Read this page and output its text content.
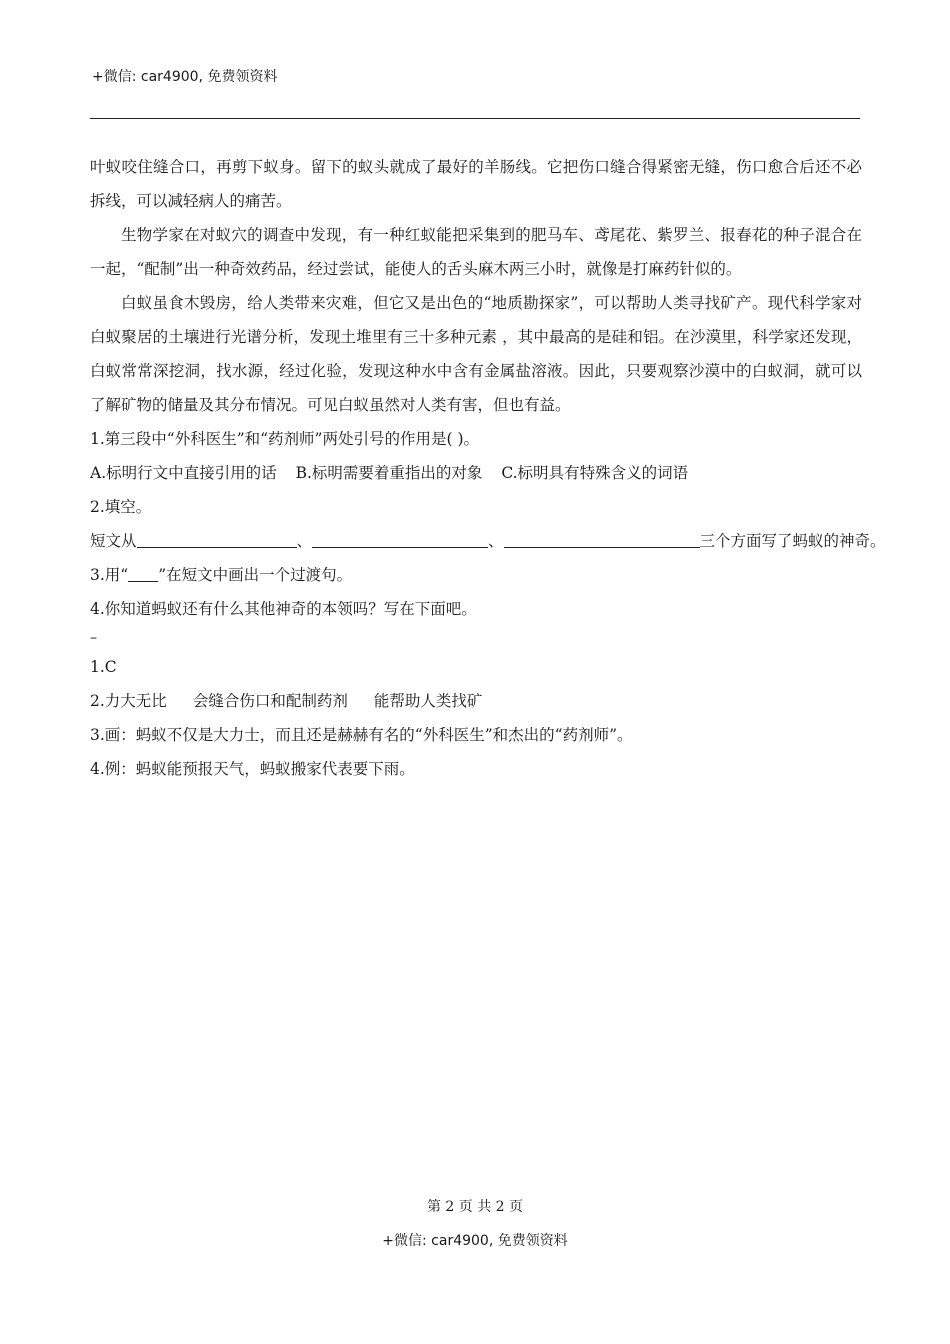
+微信: car4900, 免费领资料

叶蚁咬住缝合口，再剪下蚁身。留下的蚁头就成了最好的羊肠线。它把伤口缝合得紧密无缝，伤口愈合后还不必拆线，可以减轻病人的痛苦。

生物学家在对蚁穴的调查中发现，有一种红蚁能把采集到的肥马车、鸢尾花、紫罗兰、报春花的种子混合在一起，“配制”出一种奇效药品，经过尝试，能使人的舌头麻木两三小时，就像是打麻药针似的。

白蚁虽食木毁房，给人类带来灾难，但它又是出色的“地质勘探家”，可以帮助人类寻找矿产。现代科学家对白蚁聚居的土壤进行光谱分析，发现土堆里有三十多种元素 ，其中最高的是硅和铝。在沙漠里，科学家还发现，白蚁常常深挖洞，找水源，经过化验，发现这种水中含有金属盐溶液。因此，只要观察沙漠中的白蚁洞，就可以了解矿物的储量及其分布情况。可见白蚁虽然对人类有害，但也有益。

1.第三段中“外科医生”和“药剂师”两处引号的作用是( )。

A.标明行文中直接引用的话 B.标明需要着重指出的对象 C.标明具有特殊含义的词语

2.填空。

短文从	、	、	三个方面写了蚂蚁的神奇。

3.用“ ”在短文中画出一个过渡句。

4.你知道蚂蚁还有什么其他神奇的本领吗？写在下面吧。

–

1.C

2.力大无比 会缝合伤口和配制药剂 能帮助人类找矿

3.画：蚂蚁不仅是大力士，而且还是赫赫有名的“外科医生”和杰出的“药剂师”。

4.例：蚂蚁能预报天气，蚂蚁搬家代表要下雨。

第 2 页 共 2 页
+微信: car4900, 免费领资料
